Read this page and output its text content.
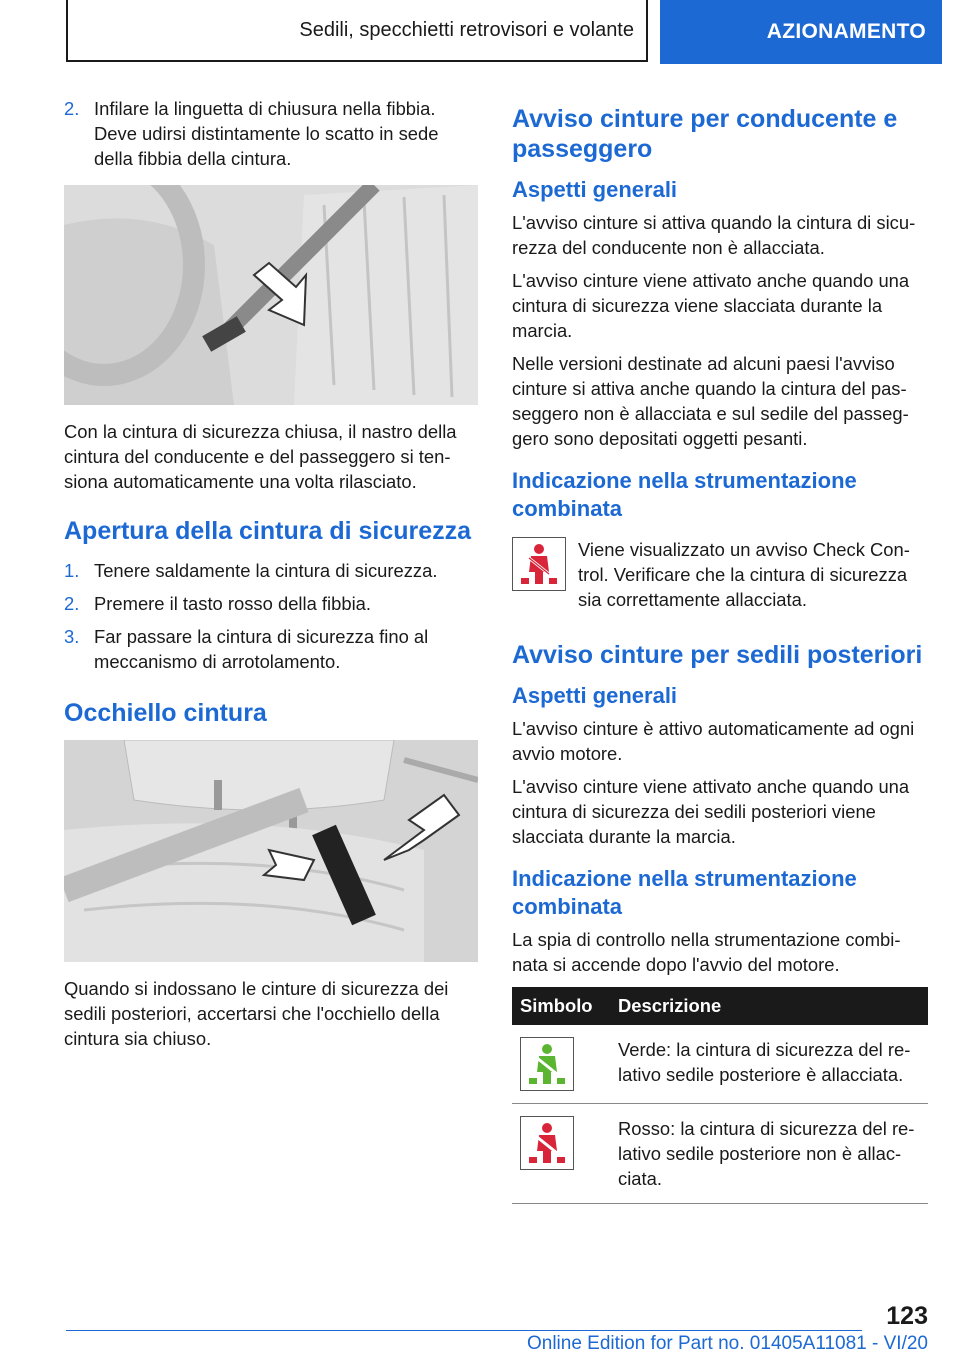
Sedili, specchietti retrovisori e volante	AZIONAMENTO
2. Infilare la linguetta di chiusura nella fibbia. Deve udirsi distintamente lo scatto in sede della fibbia della cintura.

Con la cintura di sicurezza chiusa, il nastro della cintura del conducente e del passeggero si tensiona automaticamente una volta rilasciato.

Apertura della cintura di sicurezza
1. Tenere saldamente la cintura di sicurezza.
2. Premere il tasto rosso della fibbia.
3. Far passare la cintura di sicurezza fino al meccanismo di arrotolamento.
Occhiello cintura

Quando si indossano le cinture di sicurezza dei sedili posteriori, accertarsi che l'occhiello della cintura sia chiuso.

Avviso cinture per conducente e passeggero
Aspetti generali

L'avviso cinture si attiva quando la cintura di sicurezza del conducente non è allacciata.

L'avviso cinture viene attivato anche quando una cintura di sicurezza viene slacciata durante la marcia.

Nelle versioni destinate ad alcuni paesi l'avviso cinture si attiva anche quando la cintura del passeggero non è allacciata e sul sedile del passeggero sono depositati oggetti pesanti.

Indicazione nella strumentazione combinata

Viene visualizzato un avviso Check Control. Verificare che la cintura di sicurezza sia correttamente allacciata.

Avviso cinture per sedili posteriori
Aspetti generali

L'avviso cinture è attivo automaticamente ad ogni avvio motore.

L'avviso cinture viene attivato anche quando una cintura di sicurezza dei sedili posteriori viene slacciata durante la marcia.

Indicazione nella strumentazione combinata

La spia di controllo nella strumentazione combinata si accende dopo l'avvio del motore.

Simbolo	Descrizione

	Verde: la cintura di sicurezza del relativo sedile posteriore è allacciata.

	Rosso: la cintura di sicurezza del relativo sedile posteriore non è allacciata.
123
Online Edition for Part no. 01405A11081 - VI/20
